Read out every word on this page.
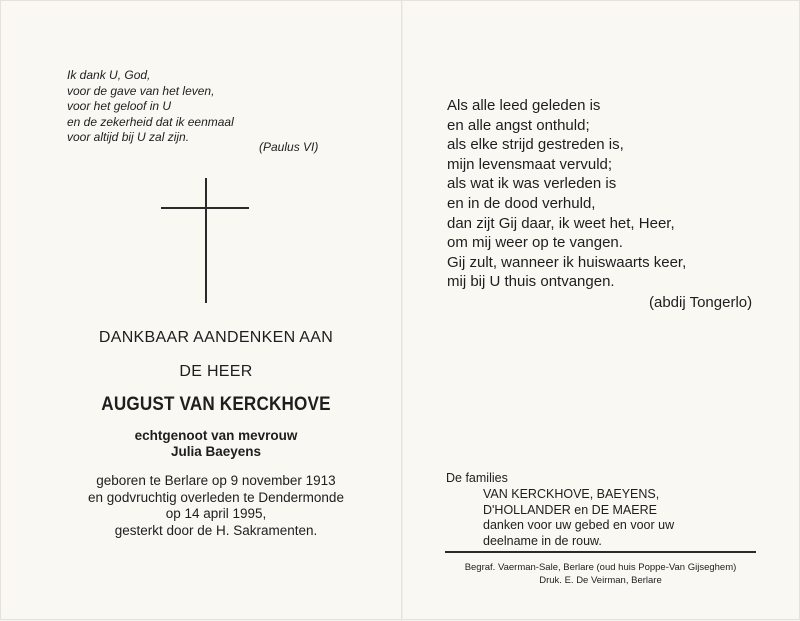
Ik dank U, God,
voor de gave van het leven,
voor het geloof in U
en de zekerheid dat ik eenmaal
voor altijd bij U zal zijn.
(Paulus VI)
DANKBAAR AANDENKEN AAN
DE HEER
AUGUST VAN KERCKHOVE
echtgenoot van mevrouw
Julia Baeyens
geboren te Berlare op 9 november 1913
en godvruchtig overleden te Dendermonde
op 14 april 1995,
gesterkt door de H. Sakramenten.
Als alle leed geleden is
en alle angst onthuld;
als elke strijd gestreden is,
mijn levensmaat vervuld;
als wat ik was verleden is
en in de dood verhuld,
dan zijt Gij daar, ik weet het, Heer,
om mij weer op te vangen.
Gij zult, wanneer ik huiswaarts keer,
mij bij U thuis ontvangen.
(abdij Tongerlo)
De families
VAN KERCKHOVE, BAEYENS,
D'HOLLANDER en DE MAERE
danken voor uw gebed en voor uw
deelname in de rouw.
Begraf. Vaerman-Sale, Berlare (oud huis Poppe-Van Gijseghem)
Druk. E. De Veirman, Berlare
